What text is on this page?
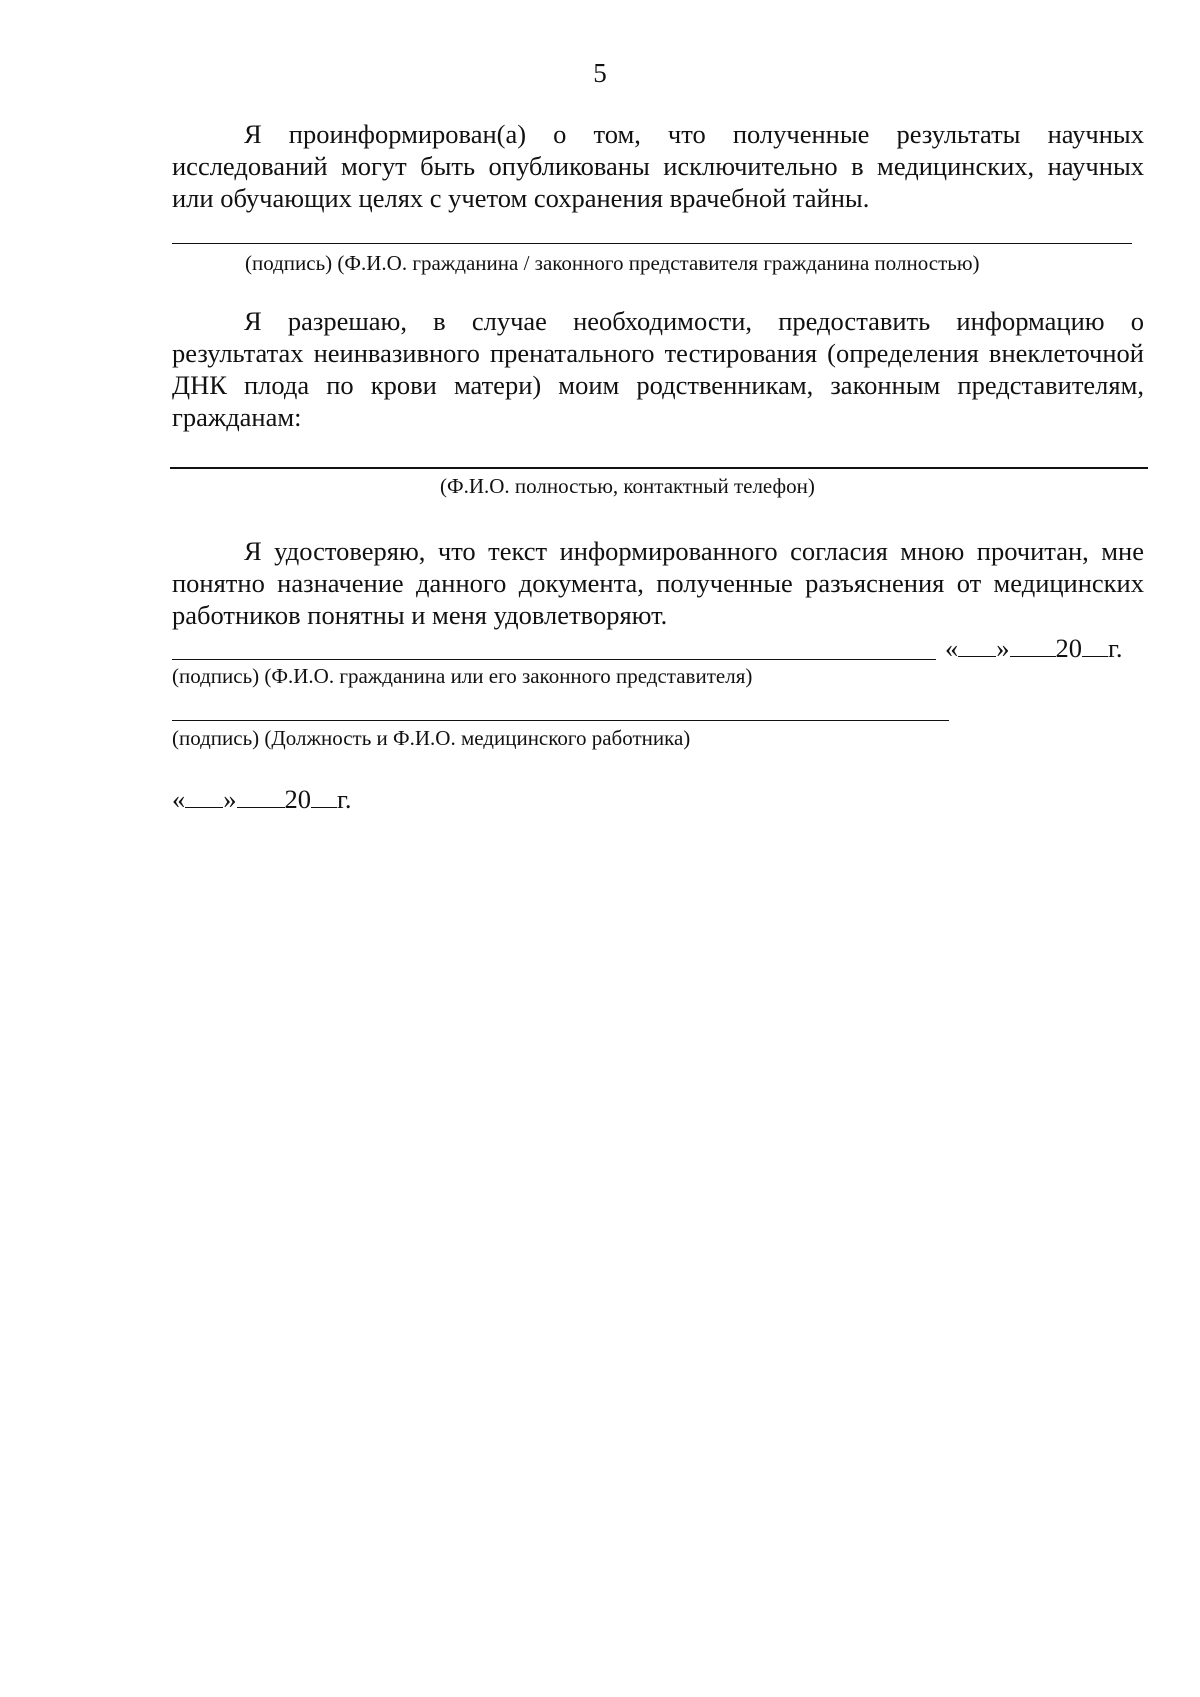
5

Я проинформирован(а) о том, что полученные результаты научных исследований могут быть опубликованы исключительно в медицинских, научных или обучающих целях с учетом сохранения врачебной тайны.

(подпись) (Ф.И.О. гражданина / законного представителя гражданина полностью)

Я разрешаю, в случае необходимости, предоставить информацию о результатах неинвазивного пренатального тестирования (определения внеклеточной ДНК плода по крови матери) моим родственникам, законным представителям, гражданам:

(Ф.И.О. полностью, контактный телефон)

Я удостоверяю, что текст информированного согласия мною прочитан, мне понятно назначение данного документа, полученные разъяснения от медицинских работников понятны и меня удовлетворяют.

« » 20 г.
(подпись) (Ф.И.О. гражданина или его законного представителя)
(подпись) (Должность и Ф.И.О. медицинского работника)
« » 20 г.
